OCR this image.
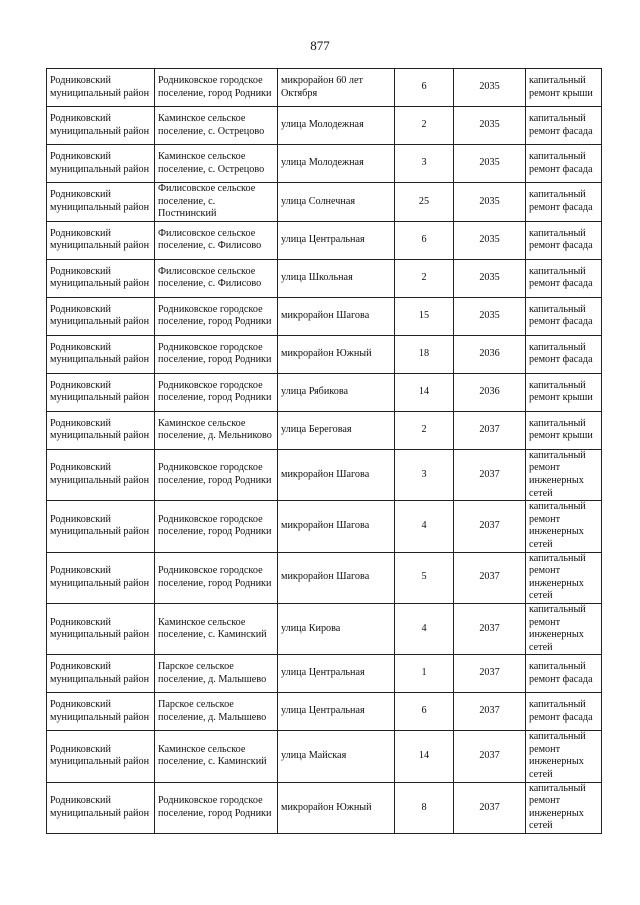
877
Родниковский муниципальный район	Родниковское городское поселение, город Родники	микрорайон 60 лет Октября	6	2035	капитальный ремонт крыши
Родниковский муниципальный район	Каминское сельское поселение, с. Острецово	улица Молодежная	2	2035	капитальный ремонт фасада
Родниковский муниципальный район	Каминское сельское поселение, с. Острецово	улица Молодежная	3	2035	капитальный ремонт фасада
Родниковский муниципальный район	Филисовское сельское поселение, с. Постнинский	улица Солнечная	25	2035	капитальный ремонт фасада
Родниковский муниципальный район	Филисовское сельское поселение, с. Филисово	улица Центральная	6	2035	капитальный ремонт фасада
Родниковский муниципальный район	Филисовское сельское поселение, с. Филисово	улица Школьная	2	2035	капитальный ремонт фасада
Родниковский муниципальный район	Родниковское городское поселение, город Родники	микрорайон Шагова	15	2035	капитальный ремонт фасада
Родниковский муниципальный район	Родниковское городское поселение, город Родники	микрорайон Южный	18	2036	капитальный ремонт фасада
Родниковский муниципальный район	Родниковское городское поселение, город Родники	улица Рябикова	14	2036	капитальный ремонт крыши
Родниковский муниципальный район	Каминское сельское поселение, д. Мельниково	улица Береговая	2	2037	капитальный ремонт крыши
Родниковский муниципальный район	Родниковское городское поселение, город Родники	микрорайон Шагова	3	2037	капитальный ремонт инженерных сетей
Родниковский муниципальный район	Родниковское городское поселение, город Родники	микрорайон Шагова	4	2037	капитальный ремонт инженерных сетей
Родниковский муниципальный район	Родниковское городское поселение, город Родники	микрорайон Шагова	5	2037	капитальный ремонт инженерных сетей
Родниковский муниципальный район	Каминское сельское поселение, с. Каминский	улица Кирова	4	2037	капитальный ремонт инженерных сетей
Родниковский муниципальный район	Парское сельское поселение, д. Малышево	улица Центральная	1	2037	капитальный ремонт фасада
Родниковский муниципальный район	Парское сельское поселение, д. Малышево	улица Центральная	6	2037	капитальный ремонт фасада
Родниковский муниципальный район	Каминское сельское поселение, с. Каминский	улица Майская	14	2037	капитальный ремонт инженерных сетей
Родниковский муниципальный район	Родниковское городское поселение, город Родники	микрорайон Южный	8	2037	капитальный ремонт инженерных сетей
